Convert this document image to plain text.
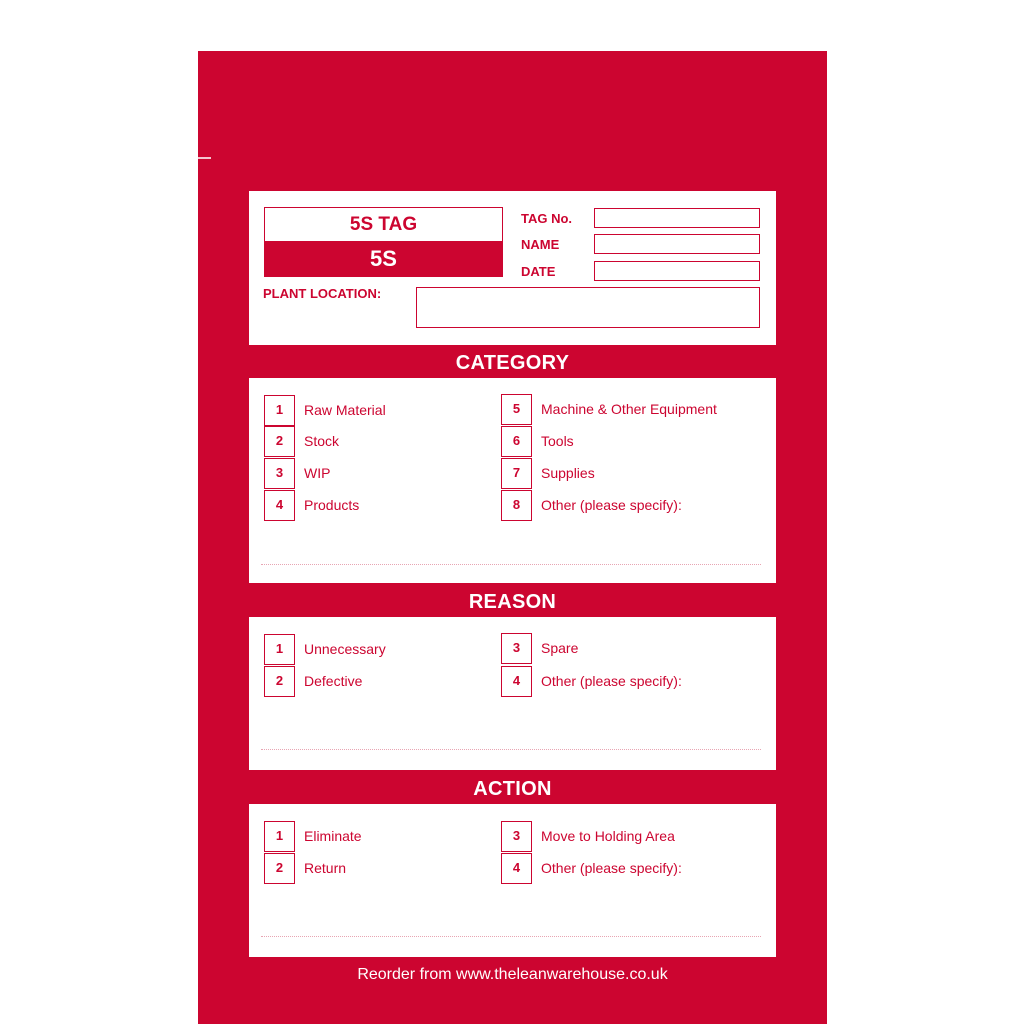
5S TAG
5S
TAG No.
NAME
DATE
PLANT LOCATION:
CATEGORY
1	Raw Material
2	Stock
3	WIP
4	Products
5	Machine & Other Equipment
6	Tools
7	Supplies
8	Other (please specify):
REASON
1	Unnecessary
2	Defective
3	Spare
4	Other (please specify):
ACTION
1	Eliminate
2	Return
3	Move to Holding Area
4	Other (please specify):
Reorder from www.theleanwarehouse.co.uk
